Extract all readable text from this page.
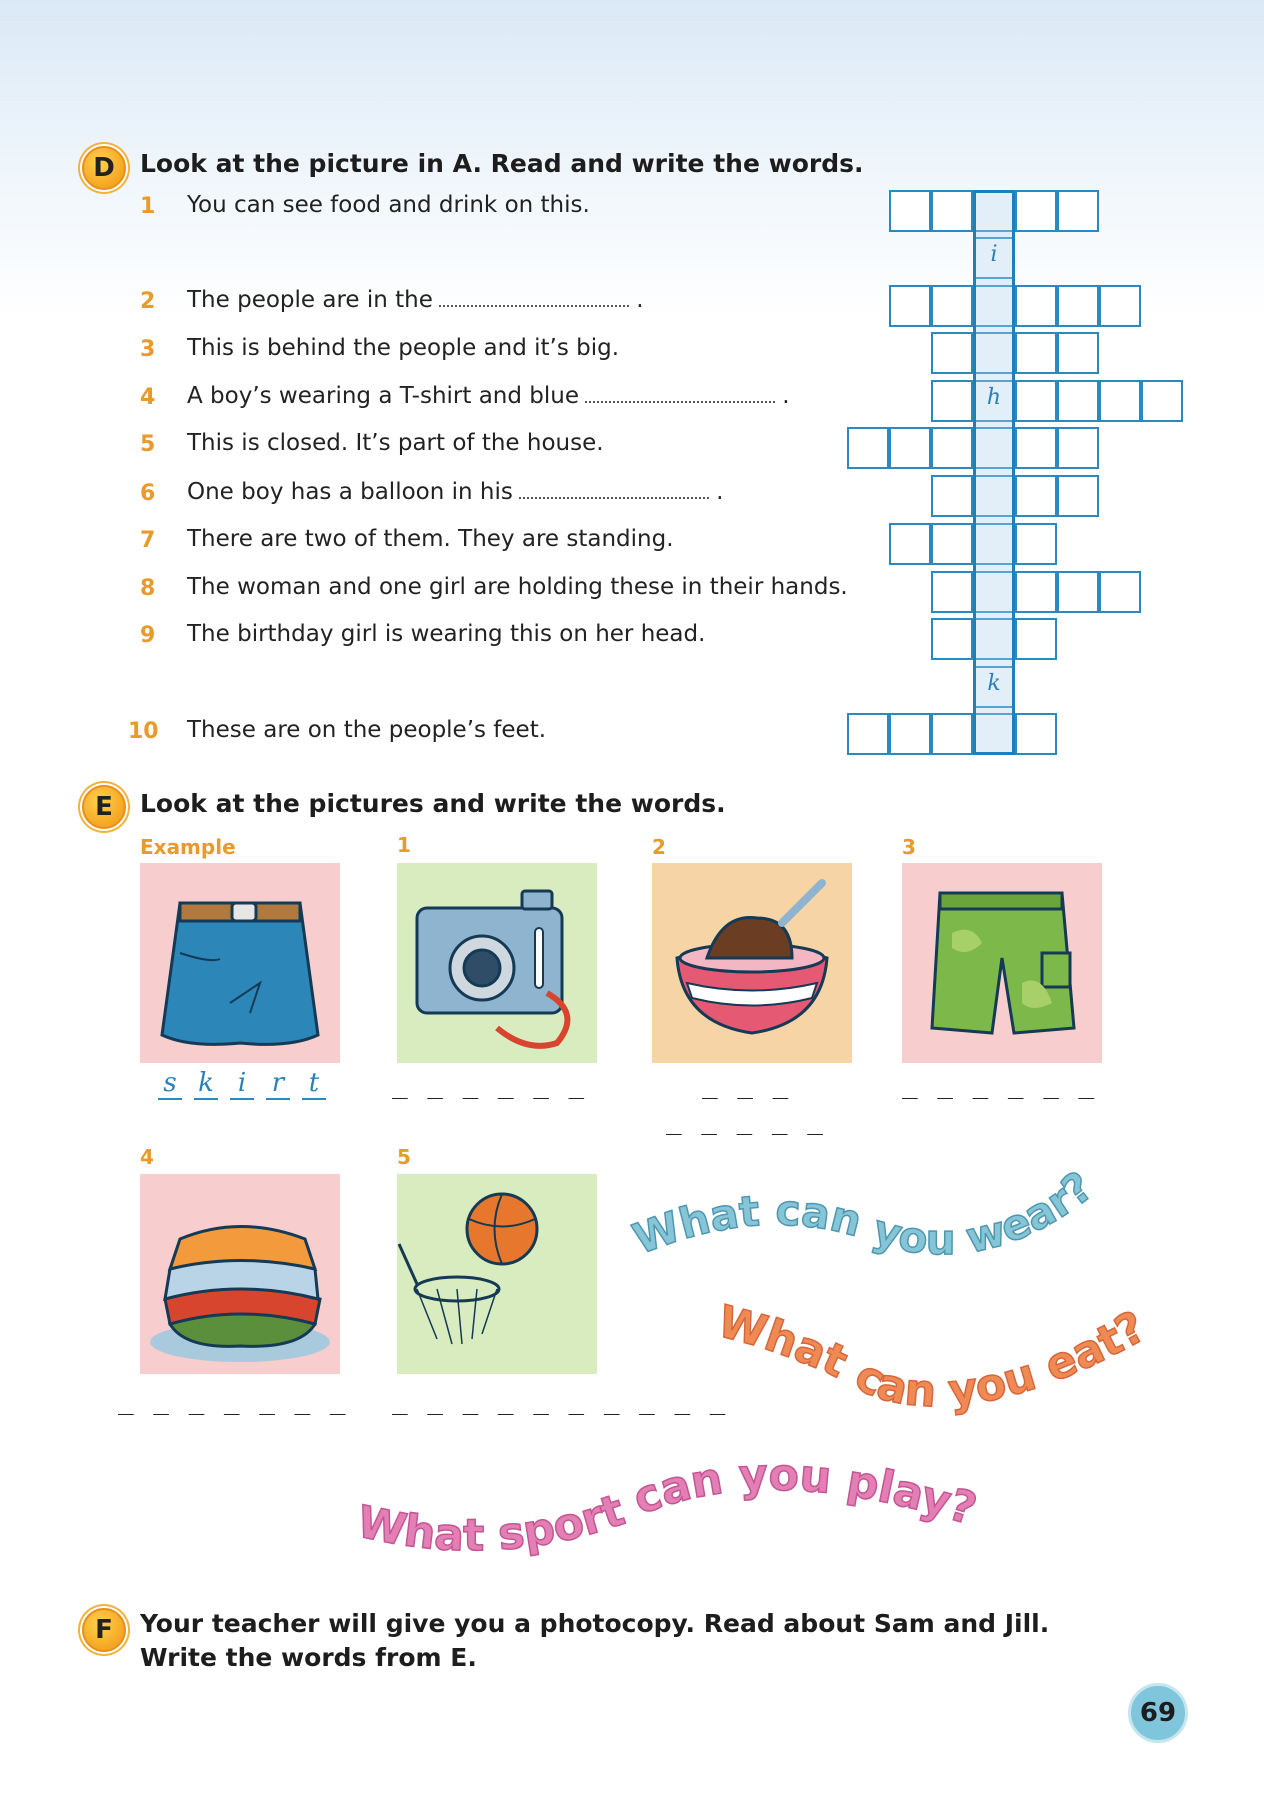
D	Look at the picture in A. Read and write the words.
1 You can see food and drink on this.
2 The people are in the	.
3 This is behind the people and it’s big.
4 A boy’s wearing a T-shirt and blue	.
5 This is closed. It’s part of the house.
6 One boy has a balloon in his	.
7 There are two of them. They are standing.
8 The woman and one girl are holding these in their hands.
9 The birthday girl is wearing this on her head.
10 These are on the people’s feet.
i
h
k
E	Look at the pictures and write the words.
Example	1	2	3
4	5
s k i r t	_ _ _ _ _ _	_ _ _
_ _ _ _ _
_ _ _ _ _ _
_ _ _ _ _ _ _ _ _ _ _ _ _ _ _ _ _
What can you wear?
What can you eat?
What sport can you play?
F	Your teacher will give you a photocopy. Read about Sam and Jill.
Write the words from E.
69
